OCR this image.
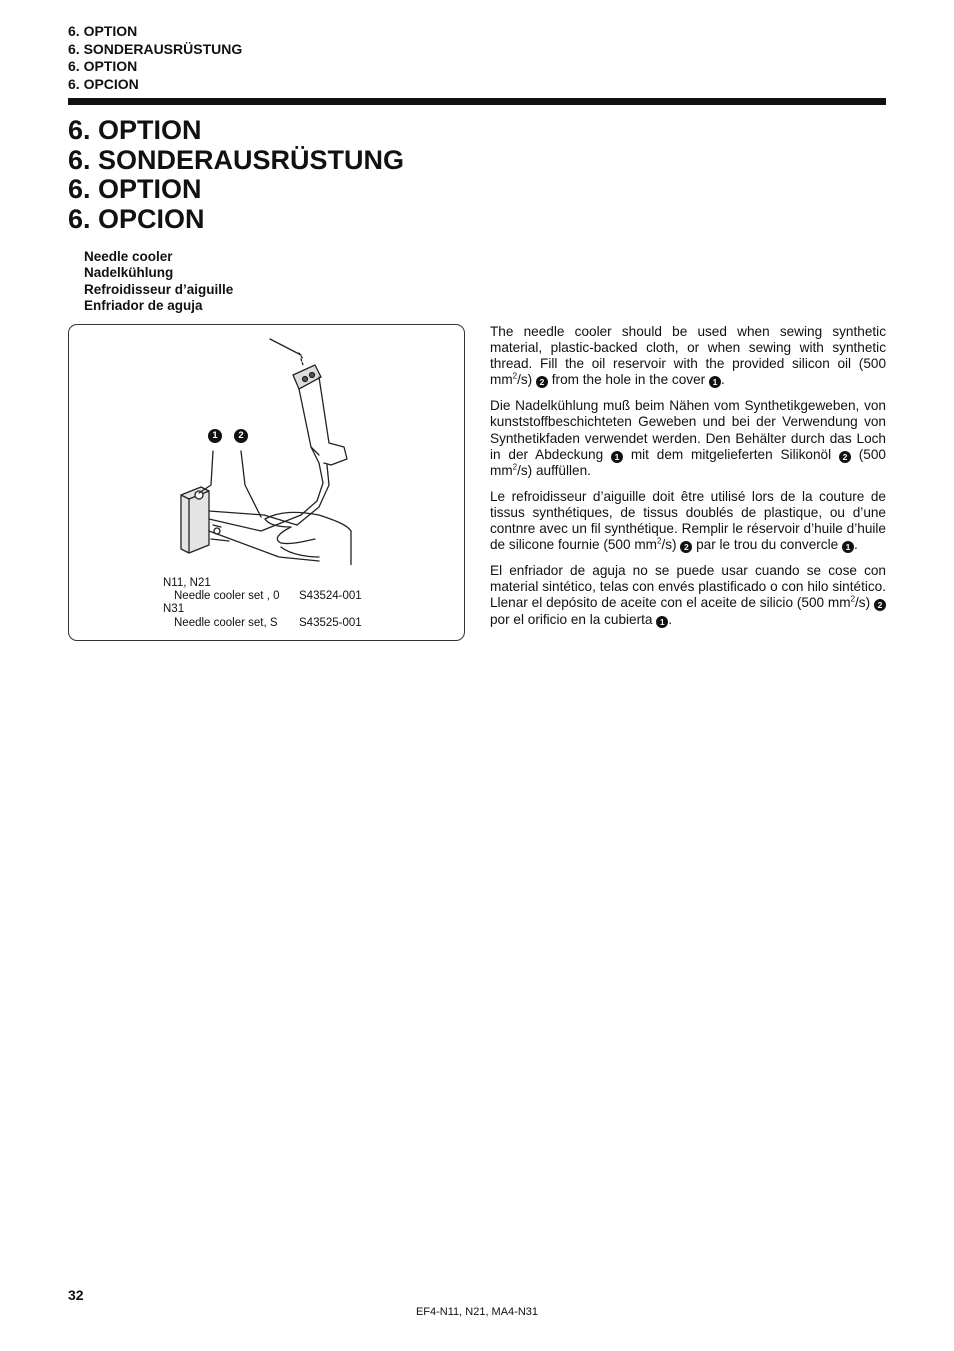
6. OPTION
6. SONDERAUSRÜSTUNG
6. OPTION
6. OPCION
6. OPTION
6. SONDERAUSRÜSTUNG
6. OPTION
6. OPCION
Needle cooler
Nadelkühlung
Refroidisseur d’aiguille
Enfriador de aguja
1	2
N11, N21
Needle cooler set , 0	S43524-001
N31
Needle cooler set, S	S43525-001

The needle cooler should be used when sewing synthetic material, plastic-backed cloth, or when sewing with synthetic thread. Fill the oil reservoir with the provided silicon oil (500 $mm^2/s$) 2 from the hole in the cover 1 .

Die Nadelkühlung muß beim Nähen vom Synthetikgeweben, von kunststoffbeschichteten Geweben und bei der Verwendung von Synthetikfaden verwendet werden. Den Behälter durch das Loch in der Abdeckung 1 mit dem mitgelieferten Silikonöl 2 (500 $mm^2/s$) auffüllen.

Le refroidisseur d’aiguille doit être utilisé lors de la couture de tissus synthétiques, de tissus doublés de plastique, ou d’une contnre avec un fil synthétique. Remplir le réservoir d’huile d’huile de silicone fournie (500 $mm^2/s$) 2 par le trou du convercle 1 .

El enfriador de aguja no se puede usar cuando se cose con material sintético, telas con envés plastificado o con hilo sintético. Llenar el depósito de aceite con el aceite de silicio (500 $mm^2/s$) 2 por el orificio en la cubierta 1 .

32
EF4-N11, N21, MA4-N31
